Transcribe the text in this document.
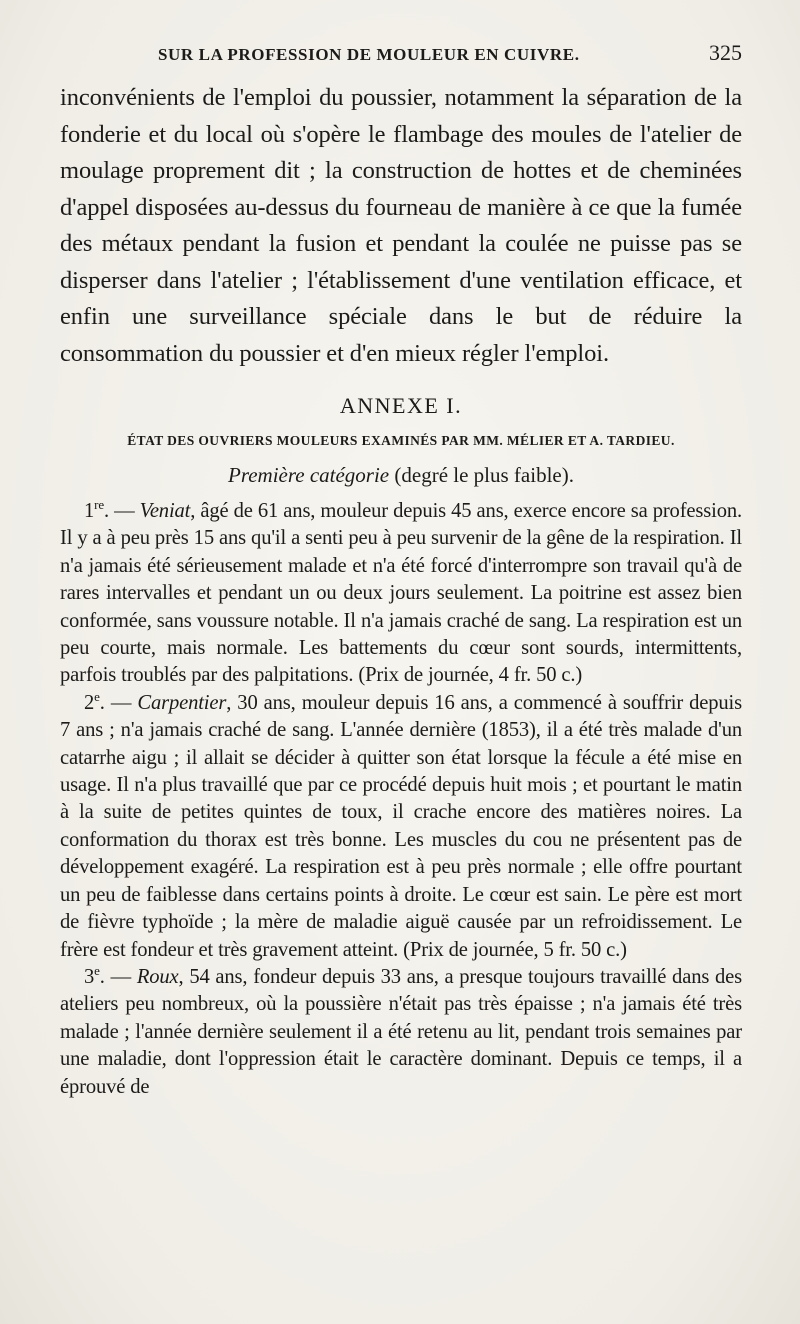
SUR LA PROFESSION DE MOULEUR EN CUIVRE.	325

inconvénients de l'emploi du poussier, notamment la séparation de la fonderie et du local où s'opère le flambage des moules de l'atelier de moulage proprement dit ; la construction de hottes et de cheminées d'appel disposées au-dessus du fourneau de manière à ce que la fumée des métaux pendant la fusion et pendant la coulée ne puisse pas se disperser dans l'atelier ; l'établissement d'une ventilation efficace, et enfin une surveillance spéciale dans le but de réduire la consommation du poussier et d'en mieux régler l'emploi.

ANNEXE I.
ÉTAT DES OUVRIERS MOULEURS EXAMINÉS PAR MM. MÉLIER ET A. TARDIEU.
Première catégorie (degré le plus faible).

1re. — Veniat, âgé de 61 ans, mouleur depuis 45 ans, exerce encore sa profession. Il y a à peu près 15 ans qu'il a senti peu à peu survenir de la gêne de la respiration. Il n'a jamais été sérieusement malade et n'a été forcé d'interrompre son travail qu'à de rares intervalles et pendant un ou deux jours seulement. La poitrine est assez bien conformée, sans voussure notable. Il n'a jamais craché de sang. La respiration est un peu courte, mais normale. Les battements du cœur sont sourds, intermittents, parfois troublés par des palpitations. (Prix de journée, 4 fr. 50 c.)

2e. — Carpentier, 30 ans, mouleur depuis 16 ans, a commencé à souffrir depuis 7 ans ; n'a jamais craché de sang. L'année dernière (1853), il a été très malade d'un catarrhe aigu ; il allait se décider à quitter son état lorsque la fécule a été mise en usage. Il n'a plus travaillé que par ce procédé depuis huit mois ; et pourtant le matin à la suite de petites quintes de toux, il crache encore des matières noires. La conformation du thorax est très bonne. Les muscles du cou ne présentent pas de développement exagéré. La respiration est à peu près normale ; elle offre pourtant un peu de faiblesse dans certains points à droite. Le cœur est sain. Le père est mort de fièvre typhoïde ; la mère de maladie aiguë causée par un refroidissement. Le frère est fondeur et très gravement atteint. (Prix de journée, 5 fr. 50 c.)

3e. — Roux, 54 ans, fondeur depuis 33 ans, a presque toujours travaillé dans des ateliers peu nombreux, où la poussière n'était pas très épaisse ; n'a jamais été très malade ; l'année dernière seulement il a été retenu au lit, pendant trois semaines par une maladie, dont l'oppression était le caractère dominant. Depuis ce temps, il a éprouvé de
